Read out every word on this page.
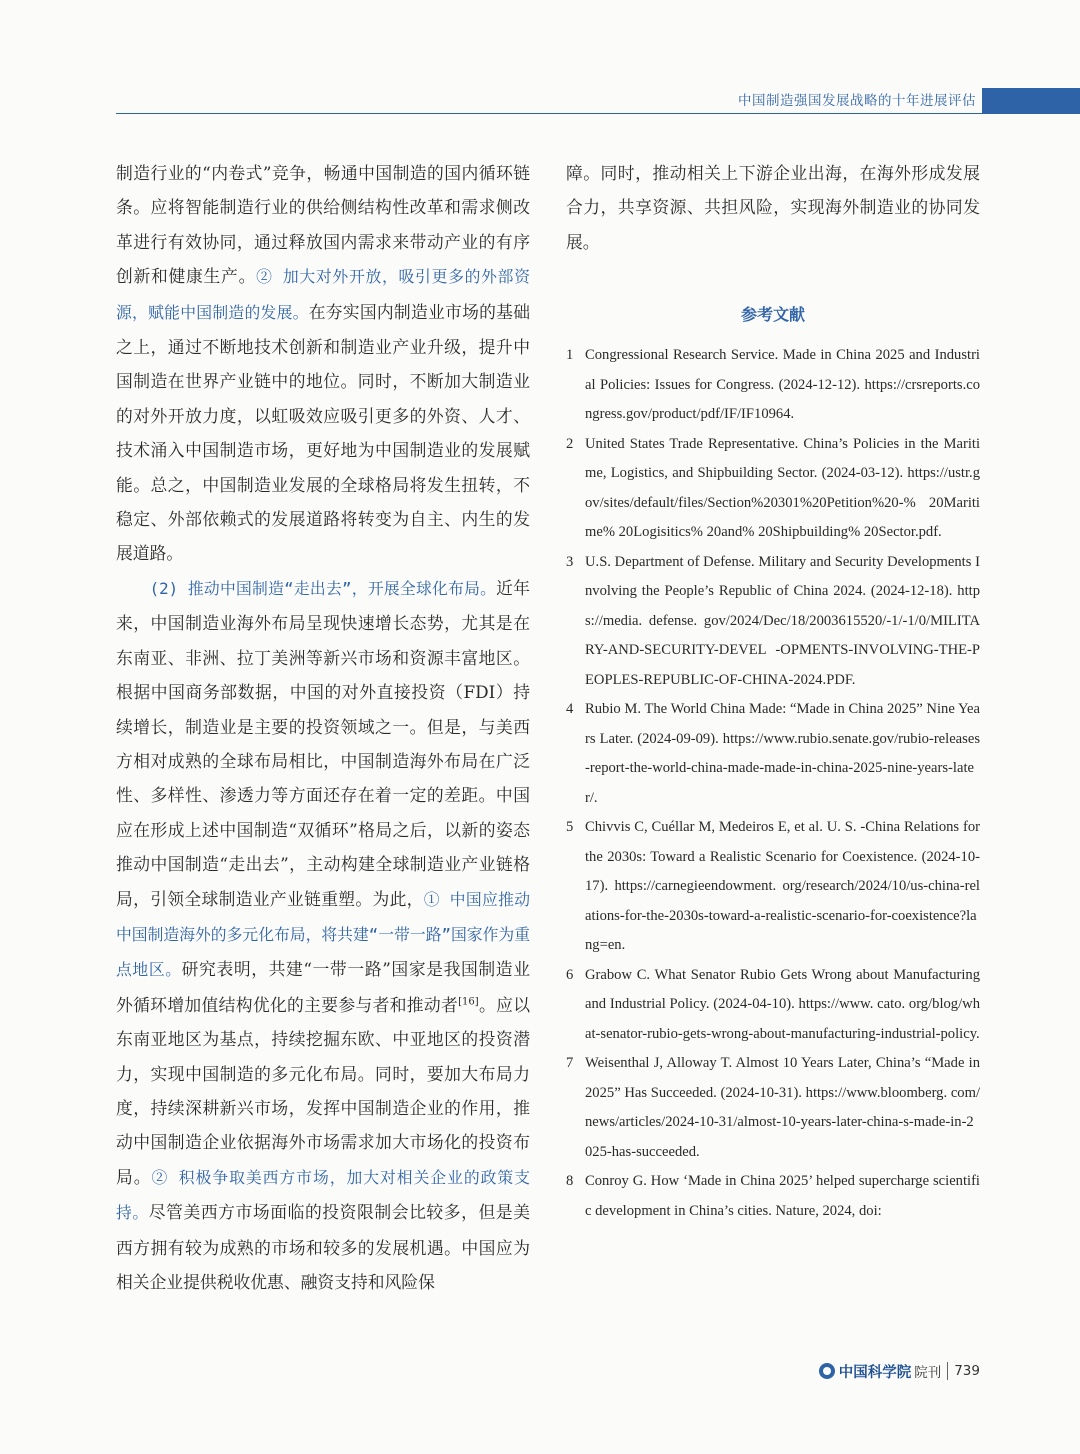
中国制造强国发展战略的十年进展评估

制造行业的“内卷式”竞争，畅通中国制造的国内循环链条。应将智能制造行业的供给侧结构性改革和需求侧改革进行有效协同，通过释放国内需求来带动产业的有序创新和健康生产。② 加大对外开放，吸引更多的外部资源，赋能中国制造的发展。在夯实国内制造业市场的基础之上，通过不断地技术创新和制造业产业升级，提升中国制造在世界产业链中的地位。同时，不断加大制造业的对外开放力度，以虹吸效应吸引更多的外资、人才、技术涌入中国制造市场，更好地为中国制造业的发展赋能。总之，中国制造业发展的全球格局将发生扭转，不稳定、外部依赖式的发展道路将转变为自主、内生的发展道路。

(2) 推动中国制造“走出去”，开展全球化布局。近年来，中国制造业海外布局呈现快速增长态势，尤其是在东南亚、非洲、拉丁美洲等新兴市场和资源丰富地区。根据中国商务部数据，中国的对外直接投资（FDI）持续增长，制造业是主要的投资领域之一。但是，与美西方相对成熟的全球布局相比，中国制造海外布局在广泛性、多样性、渗透力等方面还存在着一定的差距。中国应在形成上述中国制造“双循环”格局之后，以新的姿态推动中国制造“走出去”，主动构建全球制造业产业链格局，引领全球制造业产业链重塑。为此，① 中国应推动中国制造海外的多元化布局，将共建“一带一路”国家作为重点地区。研究表明，共建“一带一路”国家是我国制造业外循环增加值结构优化的主要参与者和推动者[16]。应以东南亚地区为基点，持续挖掘东欧、中亚地区的投资潜力，实现中国制造的多元化布局。同时，要加大布局力度，持续深耕新兴市场，发挥中国制造企业的作用，推动中国制造企业依据海外市场需求加大市场化的投资布局。② 积极争取美西方市场，加大对相关企业的政策支持。尽管美西方市场面临的投资限制会比较多，但是美西方拥有较为成熟的市场和较多的发展机遇。中国应为相关企业提供税收优惠、融资支持和风险保

障。同时，推动相关上下游企业出海，在海外形成发展合力，共享资源、共担风险，实现海外制造业的协同发展。

参考文献
1 Congressional Research Service. Made in China 2025 and Industrial Policies: Issues for Congress. (2024-12-12). https://crsreports.congress.gov/product/pdf/IF/IF10964.
2 United States Trade Representative. China’s Policies in the Maritime, Logistics, and Shipbuilding Sector. (2024-03-12). https://ustr.gov/sites/default/files/Section%20301%20Petition%20-% 20Maritime% 20Logisitics% 20and% 20Shipbuilding% 20Sector.pdf.
3 U.S. Department of Defense. Military and Security Developments Involving the People’s Republic of China 2024. (2024-12-18). https://media. defense. gov/2024/Dec/18/2003615520/-1/-1/0/MILITARY-AND-SECURITY-DEVEL -OPMENTS-INVOLVING-THE-PEOPLES-REPUBLIC-OF-CHINA-2024.PDF.
4 Rubio M. The World China Made: “Made in China 2025” Nine Years Later. (2024-09-09). https://www.rubio.senate.gov/rubio-releases-report-the-world-china-made-made-in-china-2025-nine-years-later/.
5 Chivvis C, Cuéllar M, Medeiros E, et al. U. S. -China Relations for the 2030s: Toward a Realistic Scenario for Coexistence. (2024-10-17). https://carnegieendowment. org/research/2024/10/us-china-relations-for-the-2030s-toward-a-realistic-scenario-for-coexistence?lang=en.
6 Grabow C. What Senator Rubio Gets Wrong about Manufacturing and Industrial Policy. (2024-04-10). https://www. cato. org/blog/what-senator-rubio-gets-wrong-about-manufacturing-industrial-policy.
7 Weisenthal J, Alloway T. Almost 10 Years Later, China’s “Made in 2025” Has Succeeded. (2024-10-31). https://www.bloomberg. com/news/articles/2024-10-31/almost-10-years-later-china-s-made-in-2025-has-succeeded.
8 Conroy G. How ‘Made in China 2025’ helped supercharge scientific development in China’s cities. Nature, 2024, doi:
中国科学院 院刊 739
